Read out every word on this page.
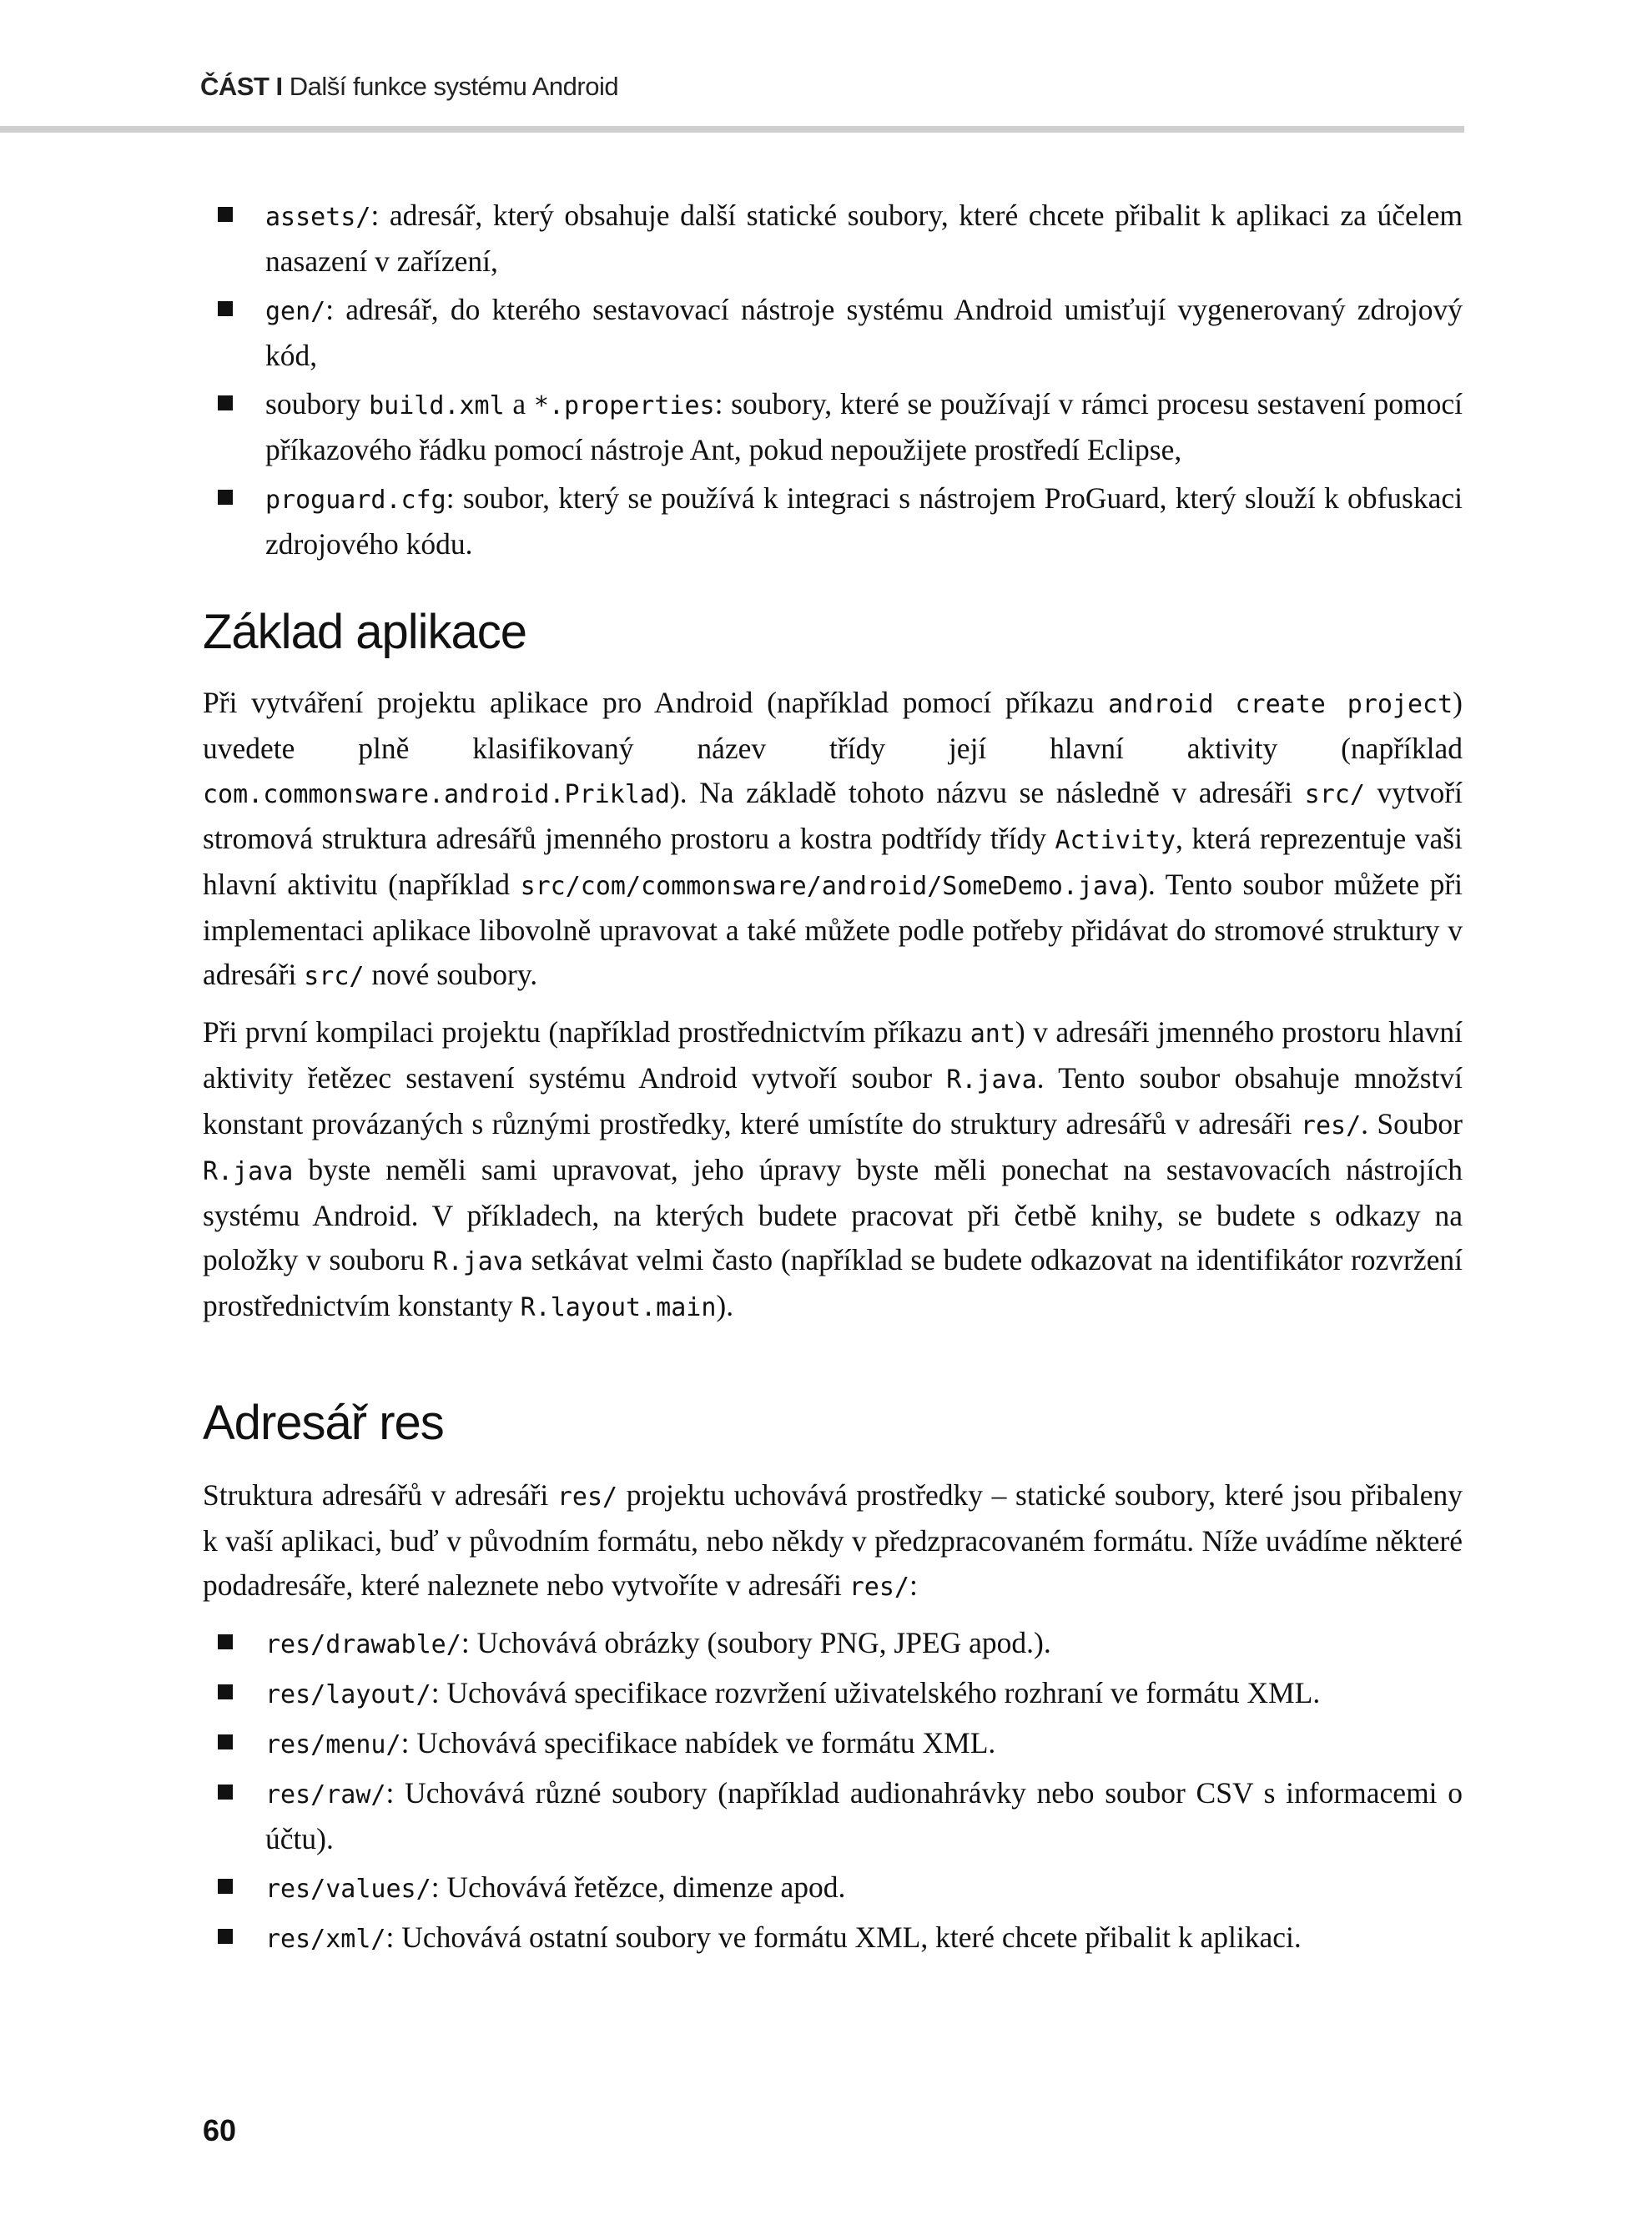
ČÁST I Další funkce systému Android
assets/: adresář, který obsahuje další statické soubory, které chcete přibalit k aplikaci za účelem nasazení v zařízení,
gen/: adresář, do kterého sestavovací nástroje systému Android umisťují vygenerovaný zdrojový kód,
soubory build.xml a *.properties: soubory, které se používají v rámci procesu sestavení pomocí příkazového řádku pomocí nástroje Ant, pokud nepoužijete prostředí Eclipse,
proguard.cfg: soubor, který se používá k integraci s nástrojem ProGuard, který slouží k obfuskaci zdrojového kódu.
Základ aplikace

Při vytváření projektu aplikace pro Android (například pomocí příkazu android create project) uvedete plně klasifikovaný název třídy její hlavní aktivity (například com.commonsware.android.Priklad). Na základě tohoto názvu se následně v adresáři src/ vytvoří stromová struktura adresářů jmenného prostoru a kostra podtřídy třídy Activity, která reprezentuje vaši hlavní aktivitu (například src/com/commonsware/android/SomeDemo.java). Tento soubor můžete při implementaci aplikace libovolně upravovat a také můžete podle potřeby přidávat do stromové struktury v adresáři src/ nové soubory.

Při první kompilaci projektu (například prostřednictvím příkazu ant) v adresáři jmenného prostoru hlavní aktivity řetězec sestavení systému Android vytvoří soubor R.java. Tento soubor obsahuje množství konstant provázaných s různými prostředky, které umístíte do struktury adresářů v adresáři res/. Soubor R.java byste neměli sami upravovat, jeho úpravy byste měli ponechat na sestavovacích nástrojích systému Android. V příkladech, na kterých budete pracovat při četbě knihy, se budete s odkazy na položky v souboru R.java setkávat velmi často (například se budete odkazovat na identifikátor rozvržení prostřednictvím konstanty R.layout.main).

Adresář res

Struktura adresářů v adresáři res/ projektu uchovává prostředky – statické soubory, které jsou přibaleny k vaší aplikaci, buď v původním formátu, nebo někdy v předzpracovaném formátu. Níže uvádíme některé podadresáře, které naleznete nebo vytvoříte v adresáři res/:

res/drawable/: Uchovává obrázky (soubory PNG, JPEG apod.).
res/layout/: Uchovává specifikace rozvržení uživatelského rozhraní ve formátu XML.
res/menu/: Uchovává specifikace nabídek ve formátu XML.
res/raw/: Uchovává různé soubory (například audionahrávky nebo soubor CSV s informacemi o účtu).
res/values/: Uchovává řetězce, dimenze apod.
res/xml/: Uchovává ostatní soubory ve formátu XML, které chcete přibalit k aplikaci.
60
